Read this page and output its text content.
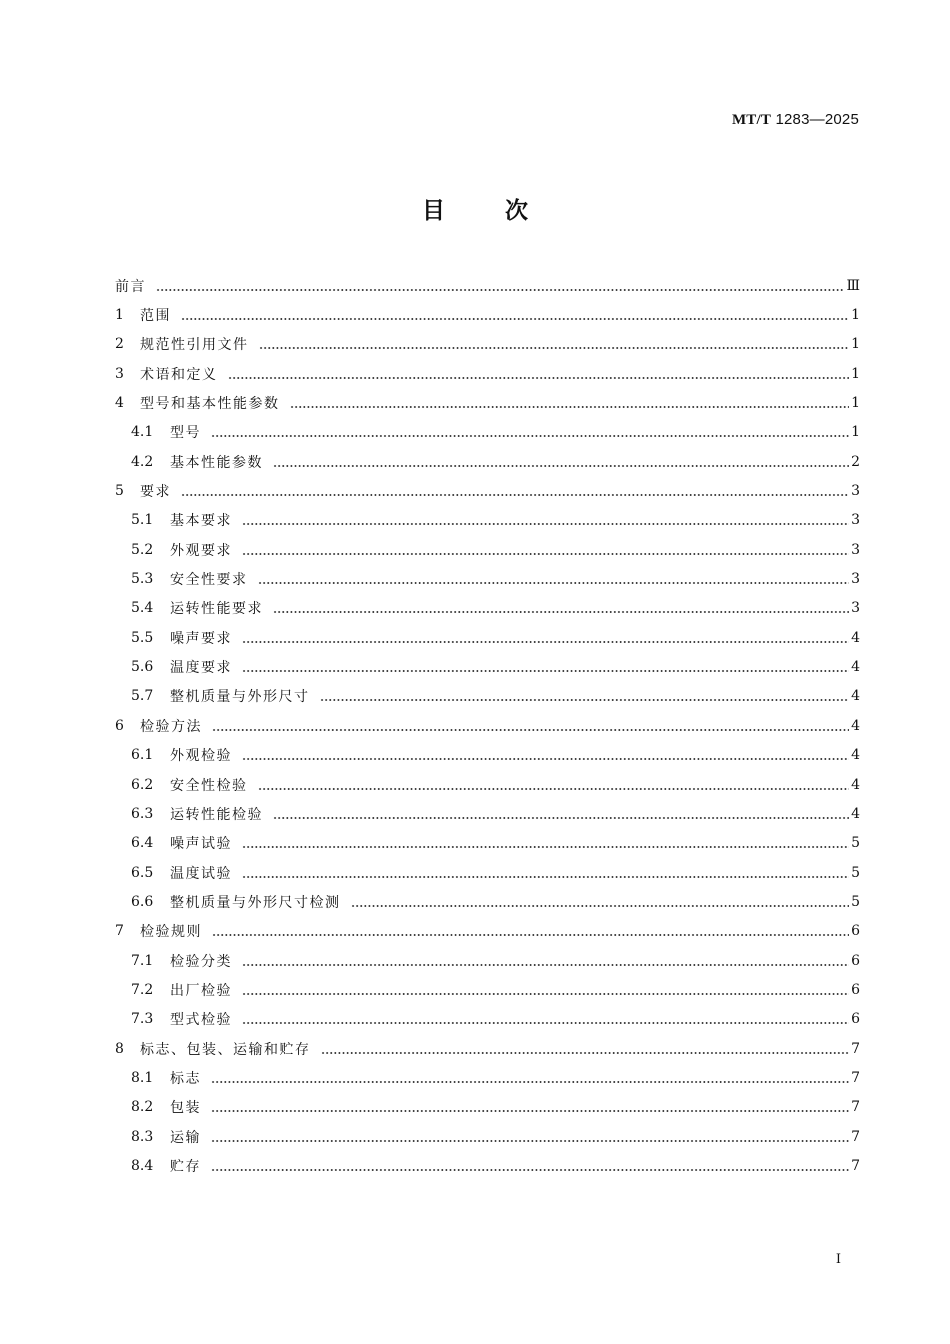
MT/T 1283—2025
目次
前言	Ⅲ
1	范围	1
2	规范性引用文件	1
3	术语和定义	1
4	型号和基本性能参数	1
4.1	型号	1
4.2	基本性能参数	2
5	要求	3
5.1	基本要求	3
5.2	外观要求	3
5.3	安全性要求	3
5.4	运转性能要求	3
5.5	噪声要求	4
5.6	温度要求	4
5.7	整机质量与外形尺寸	4
6	检验方法	4
6.1	外观检验	4
6.2	安全性检验	4
6.3	运转性能检验	4
6.4	噪声试验	5
6.5	温度试验	5
6.6	整机质量与外形尺寸检测	5
7	检验规则	6
7.1	检验分类	6
7.2	出厂检验	6
7.3	型式检验	6
8	标志、包装、运输和贮存	7
8.1	标志	7
8.2	包装	7
8.3	运输	7
8.4	贮存	7
I
